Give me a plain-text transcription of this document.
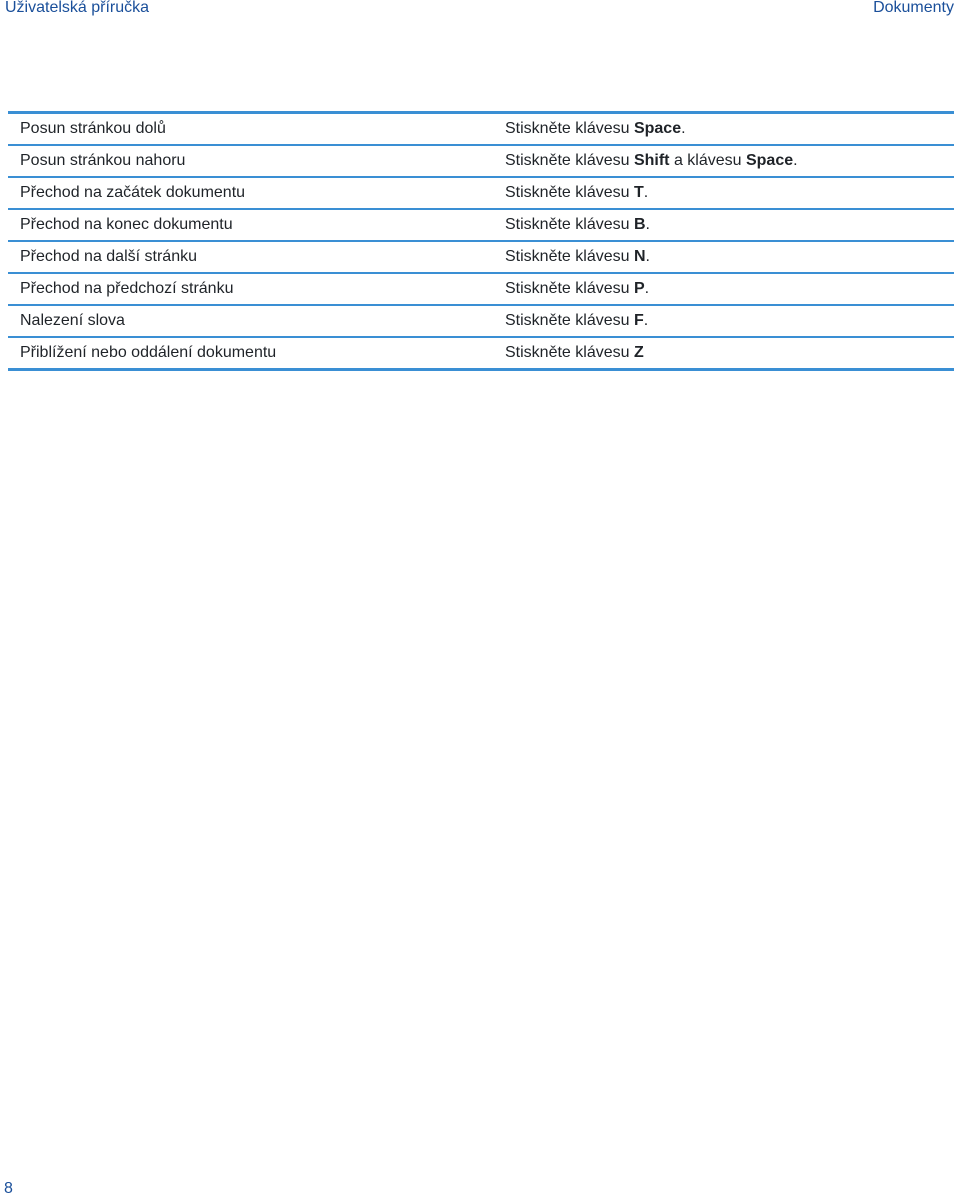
Uživatelská příručka	Dokumenty
Posun stránkou dolů	Stiskněte klávesu Space.
Posun stránkou nahoru	Stiskněte klávesu Shift a klávesu Space.
Přechod na začátek dokumentu	Stiskněte klávesu T.
Přechod na konec dokumentu	Stiskněte klávesu B.
Přechod na další stránku	Stiskněte klávesu N.
Přechod na předchozí stránku	Stiskněte klávesu P.
Nalezení slova	Stiskněte klávesu F.
Přiblížení nebo oddálení dokumentu	Stiskněte klávesu Z
8
